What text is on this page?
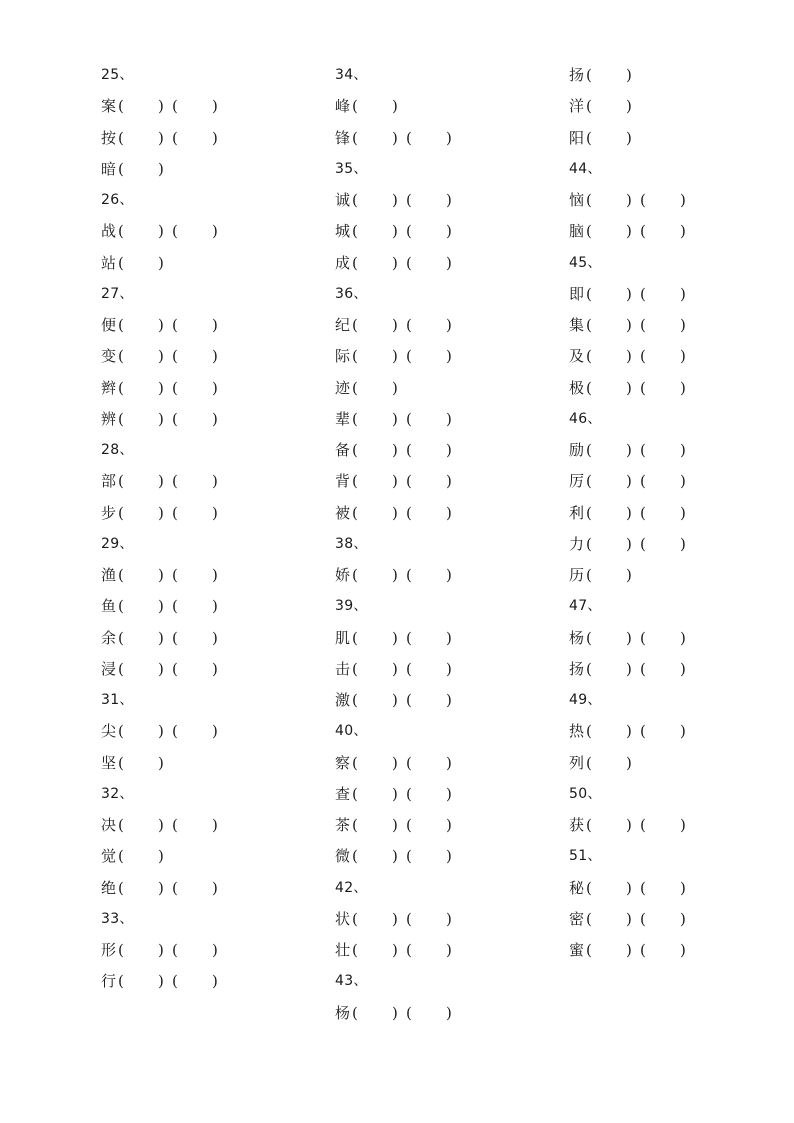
25、
案 ( ) ( )
按 ( ) ( )
暗 ( )
26、
战 ( ) ( )
站 ( )
27、
便 ( ) ( )
变 ( ) ( )
辫 ( ) ( )
辨 ( ) ( )
28、
部 ( ) ( )
步 ( ) ( )
29、
渔 ( ) ( )
鱼 ( ) ( )
余 ( ) ( )
浸 ( ) ( )
31、
尖 ( ) ( )
坚 ( )
32、
决 ( ) ( )
觉 ( )
绝 ( ) ( )
33、
形 ( ) ( )
行 ( ) ( )
34、
峰 ( )
锋 ( ) ( )
35、
诚 ( ) ( )
城 ( ) ( )
成 ( ) ( )
36、
纪 ( ) ( )
际 ( ) ( )
迹 ( )
辈 ( ) ( )
备 ( ) ( )
背 ( ) ( )
被 ( ) ( )
38、
娇 ( ) ( )
39、
肌 ( ) ( )
击 ( ) ( )
激 ( ) ( )
40、
察 ( ) ( )
查 ( ) ( )
茶 ( ) ( )
微 ( ) ( )
42、
状 ( ) ( )
壮 ( ) ( )
43、
杨 ( ) ( )
扬 ( )
洋 ( )
阳 ( )
44、
恼 ( ) ( )
脑 ( ) ( )
45、
即 ( ) ( )
集 ( ) ( )
及 ( ) ( )
极 ( ) ( )
46、
励 ( ) ( )
厉 ( ) ( )
利 ( ) ( )
力 ( ) ( )
历 ( )
47、
杨 ( ) ( )
扬 ( ) ( )
49、
热 ( ) ( )
列 ( )
50、
获 ( ) ( )
51、
秘 ( ) ( )
密 ( ) ( )
蜜 ( ) ( )
